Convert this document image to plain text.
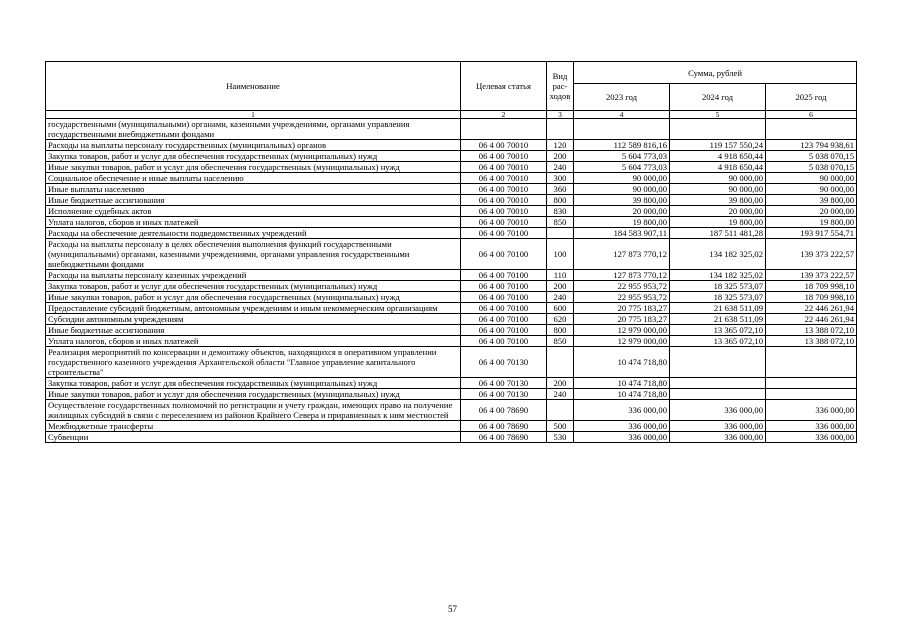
Наименование	Целевая статья	Вид рас-ходов	Сумма, рублей		
			2023 год	2024 год	2025 год
1	2	3	4	5	6
государственными (муниципальными) органами, казенными учреждениями, органами управления государственными внебюджетными фондами					
Расходы на выплаты персоналу государственных (муниципальных) органов	06 4 00 70010	120	112 589 816,16	119 157 550,24	123 794 938,61
Закупка товаров, работ и услуг для обеспечения государственных (муниципальных) нужд	06 4 00 70010	200	5 604 773,03	4 918 650,44	5 038 070,15
Иные закупки товаров, работ и услуг для обеспечения государственных (муниципальных) нужд	06 4 00 70010	240	5 604 773,03	4 918 650,44	5 038 070,15
Социальное обеспечение и иные выплаты населению	06 4 00 70010	300	90 000,00	90 000,00	90 000,00
Иные выплаты населению	06 4 00 70010	360	90 000,00	90 000,00	90 000,00
Иные бюджетные ассигнования	06 4 00 70010	800	39 800,00	39 800,00	39 800,00
Исполнение судебных актов	06 4 00 70010	830	20 000,00	20 000,00	20 000,00
Уплата налогов, сборов и иных платежей	06 4 00 70010	850	19 800,00	19 800,00	19 800,00
Расходы на обеспечение деятельности подведомственных учреждений	06 4 00 70100		184 583 907,11	187 511 481,28	193 917 554,71
Расходы на выплаты персоналу в целях обеспечения выполнения функций государственными (муниципальными) органами, казенными учреждениями, органами управления государственными внебюджетными фондами	06 4 00 70100	100	127 873 770,12	134 182 325,02	139 373 222,57
Расходы на выплаты персоналу казенных учреждений	06 4 00 70100	110	127 873 770,12	134 182 325,02	139 373 222,57
Закупка товаров, работ и услуг для обеспечения государственных (муниципальных) нужд	06 4 00 70100	200	22 955 953,72	18 325 573,07	18 709 998,10
Иные закупки товаров, работ и услуг для обеспечения государственных (муниципальных) нужд	06 4 00 70100	240	22 955 953,72	18 325 573,07	18 709 998,10
Предоставление субсидий бюджетным, автономным учреждениям и иным некоммерческим организациям	06 4 00 70100	600	20 775 183,27	21 638 511,09	22 446 261,94
Субсидии автономным учреждениям	06 4 00 70100	620	20 775 183,27	21 638 511,09	22 446 261,94
Иные бюджетные ассигнования	06 4 00 70100	800	12 979 000,00	13 365 072,10	13 388 072,10
Уплата налогов, сборов и иных платежей	06 4 00 70100	850	12 979 000,00	13 365 072,10	13 388 072,10
Реализация мероприятий по консервации и демонтажу объектов, находящихся в оперативном управлении государственного казенного учреждения Архангельской области "Главное управление капитального строительства"	06 4 00 70130		10 474 718,80		
Закупка товаров, работ и услуг для обеспечения государственных (муниципальных) нужд	06 4 00 70130	200	10 474 718,80		
Иные закупки товаров, работ и услуг для обеспечения государственных (муниципальных) нужд	06 4 00 70130	240	10 474 718,80		
Осуществление государственных полномочий по регистрации и учету граждан, имеющих право на получение жилищных субсидий в связи с переселением из районов Крайнего Севера и приравненных к ним местностей	06 4 00 78690		336 000,00	336 000,00	336 000,00
Межбюджетные трансферты	06 4 00 78690	500	336 000,00	336 000,00	336 000,00
Субвенции	06 4 00 78690	530	336 000,00	336 000,00	336 000,00
57
